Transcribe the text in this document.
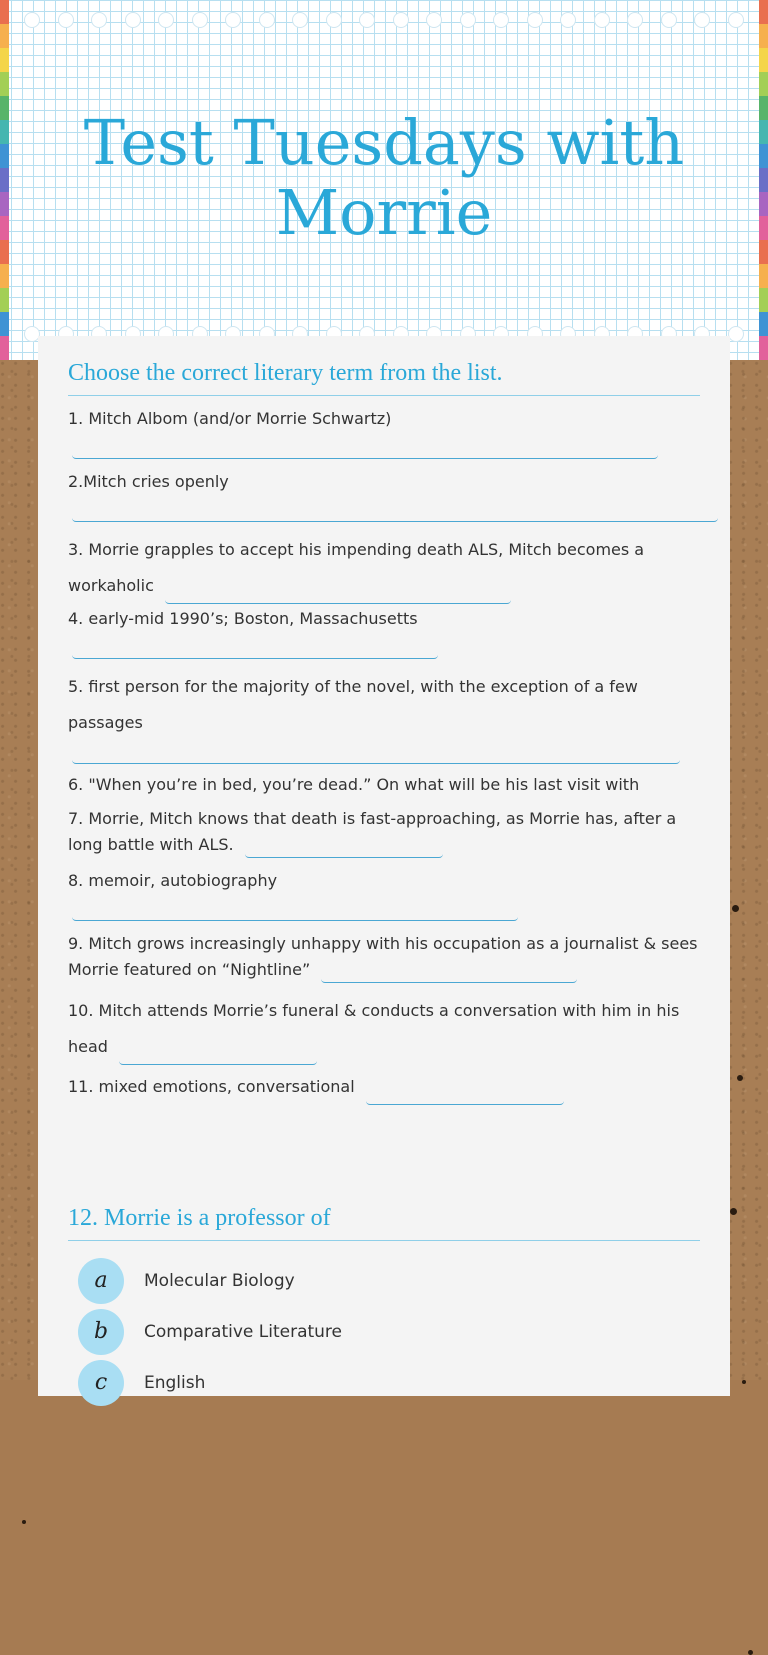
Test Tuesdays with Morrie
Choose the correct literary term from the list.
1. Mitch Albom (and/or Morrie Schwartz)
2.Mitch cries openly
3. Morrie grapples to accept his impending death ALS, Mitch becomes a workaholic
4. early-mid 1990’s; Boston, Massachusetts
5. first person for the majority of the novel, with the exception of a few passages
6. "When you’re in bed, you’re dead.” On what will be his last visit with
7. Morrie, Mitch knows that death is fast-approaching, as Morrie has, after a long battle with ALS.
8. memoir, autobiography
9. Mitch grows increasingly unhappy with his occupation as a journalist & sees Morrie featured on “Nightline”
10. Mitch attends Morrie’s funeral & conducts a conversation with him in his head
11. mixed emotions, conversational
12. Morrie is a professor of
a	Molecular Biology
b	Comparative Literature
c	English
